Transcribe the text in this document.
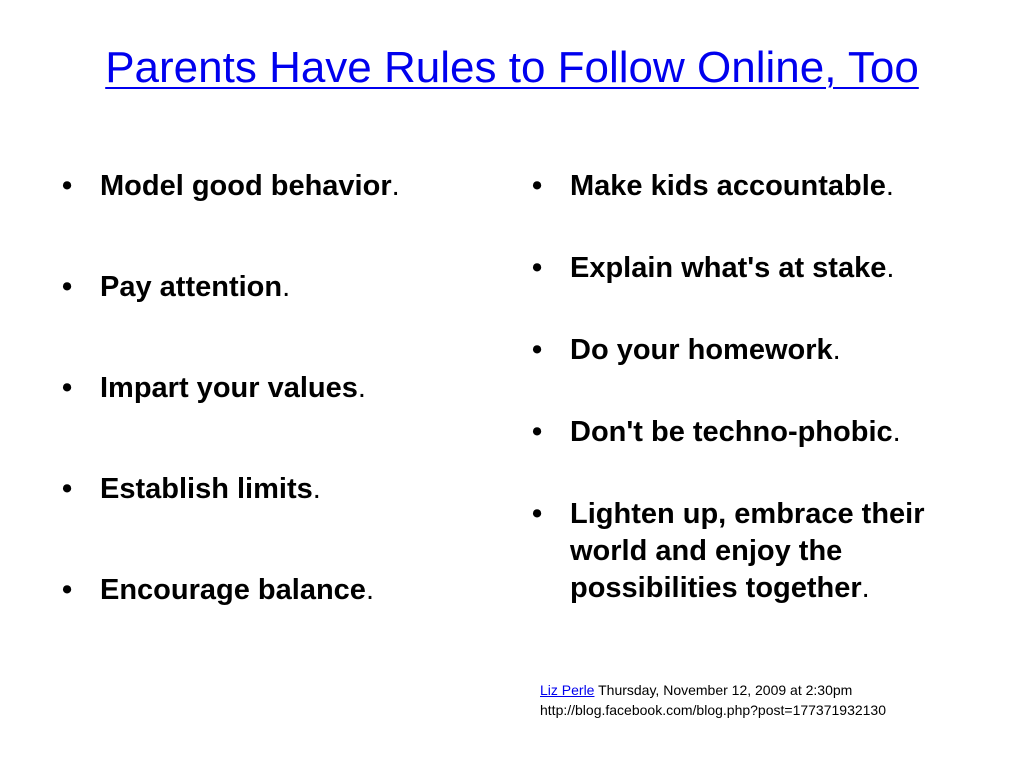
Parents Have Rules to Follow Online, Too
• Model good behavior.
• Pay attention.
• Impart your values.
• Establish limits.
• Encourage balance.
• Make kids accountable.
• Explain what's at stake.
• Do your homework.
• Don't be techno-phobic.
• Lighten up, embrace their world and enjoy the possibilities together.
Liz Perle Thursday, November 12, 2009 at 2:30pm
http://blog.facebook.com/blog.php?post=177371932130
